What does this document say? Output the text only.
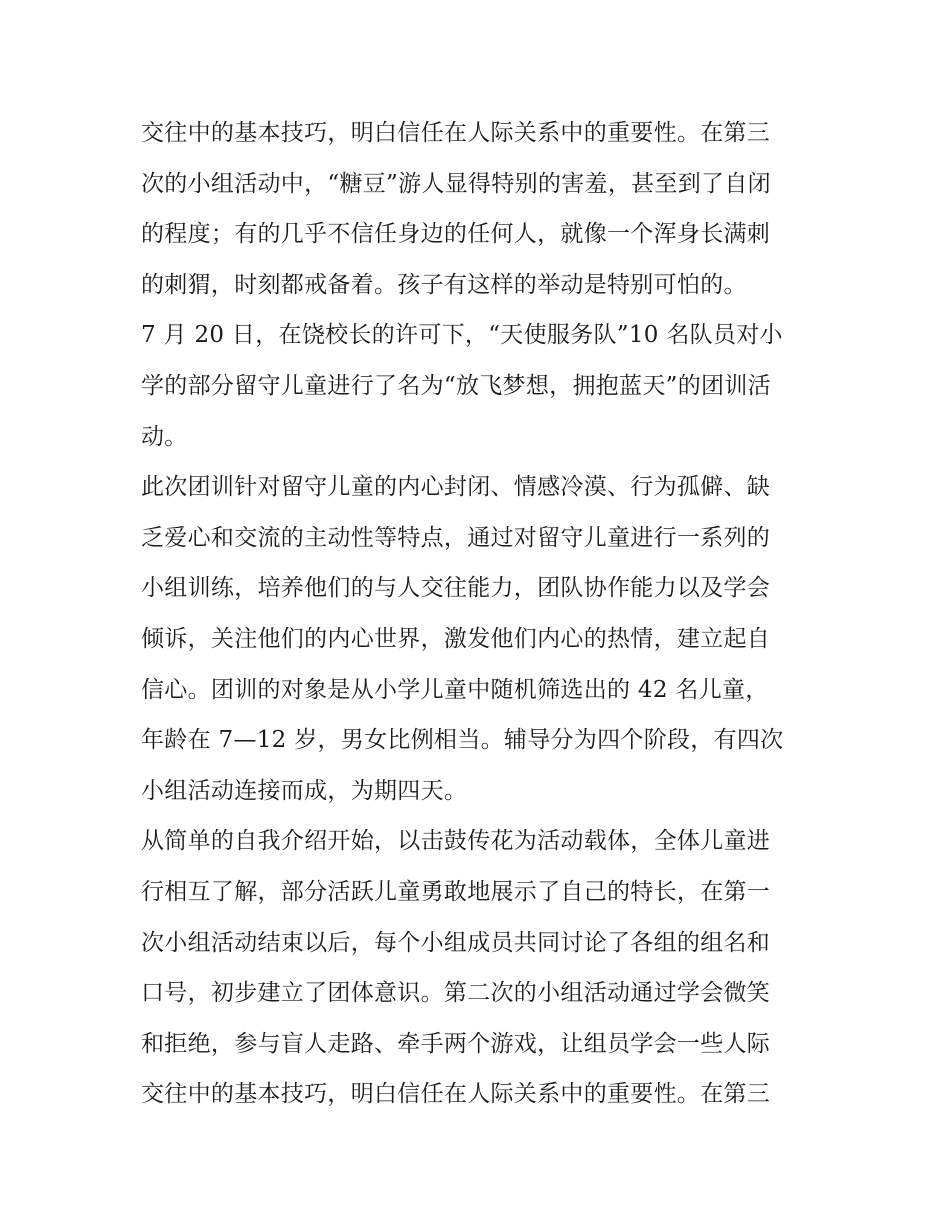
交往中的基本技巧，明白信任在人际关系中的重要性。在第三
次的小组活动中，“糖豆”游人显得特别的害羞，甚至到了自闭
的程度；有的几乎不信任身边的任何人，就像一个浑身长满刺
的刺猬，时刻都戒备着。孩子有这样的举动是特别可怕的。
7 月 20 日，在饶校长的许可下，“天使服务队”10 名队员对小
学的部分留守儿童进行了名为“放飞梦想，拥抱蓝天”的团训活
动。
此次团训针对留守儿童的内心封闭、情感冷漠、行为孤僻、缺
乏爱心和交流的主动性等特点，通过对留守儿童进行一系列的
小组训练，培养他们的与人交往能力，团队协作能力以及学会
倾诉，关注他们的内心世界，激发他们内心的热情，建立起自
信心。团训的对象是从小学儿童中随机筛选出的 42 名儿童，
年龄在 7—12 岁，男女比例相当。辅导分为四个阶段，有四次
小组活动连接而成，为期四天。
从简单的自我介绍开始，以击鼓传花为活动载体，全体儿童进
行相互了解，部分活跃儿童勇敢地展示了自己的特长，在第一
次小组活动结束以后，每个小组成员共同讨论了各组的组名和
口号，初步建立了团体意识。第二次的小组活动通过学会微笑
和拒绝，参与盲人走路、牵手两个游戏，让组员学会一些人际
交往中的基本技巧，明白信任在人际关系中的重要性。在第三
